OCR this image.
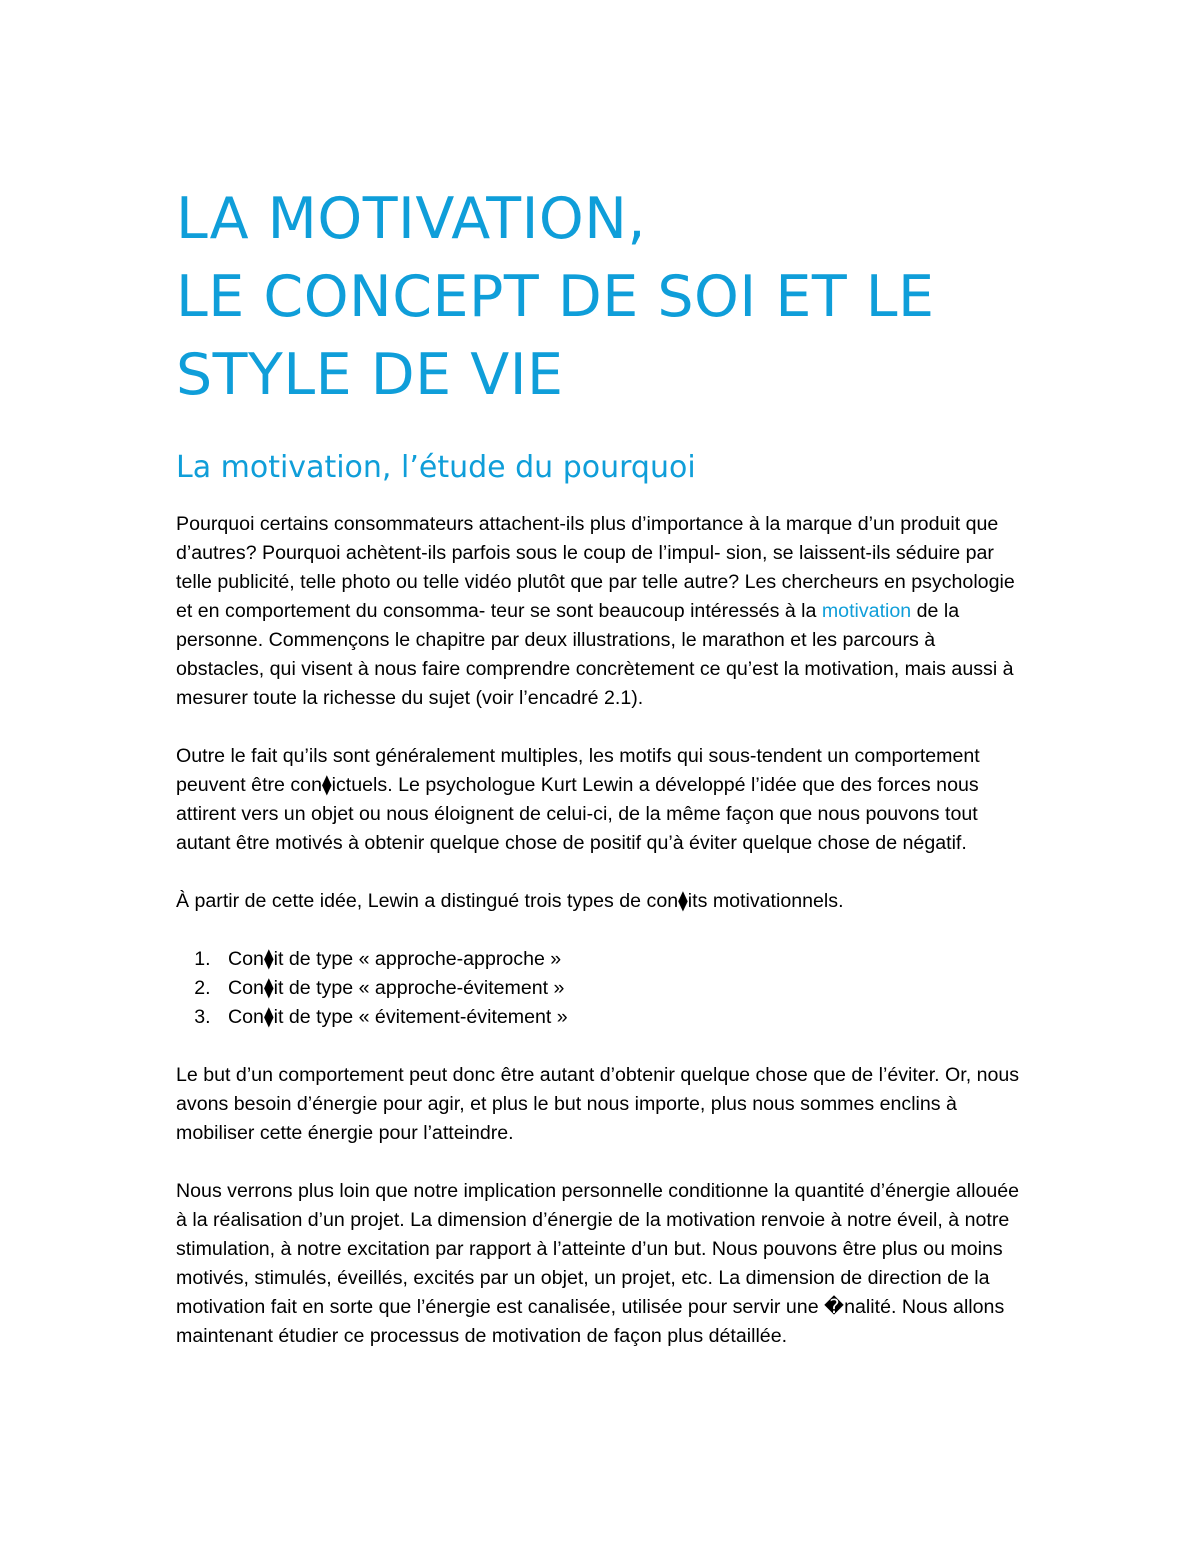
LA MOTIVATION,
LE CONCEPT DE SOI ET LE
STYLE DE VIE
La motivation, l’étude du pourquoi

Pourquoi certains consommateurs attachent-ils plus d’importance à la marque d’un produit que d’autres? Pourquoi achètent-ils parfois sous le coup de l’impul- sion, se laissent-ils séduire par telle publicité, telle photo ou telle vidéo plutôt que par telle autre? Les chercheurs en psychologie et en comportement du consomma- teur se sont beaucoup intéressés à la motivation de la personne. Commençons le chapitre par deux illustrations, le marathon et les parcours à obstacles, qui visent à nous faire comprendre concrètement ce qu’est la motivation, mais aussi à mesurer toute la richesse du sujet (voir l’encadré 2.1).

Outre le fait qu’ils sont généralement multiples, les motifs qui sous-tendent un comportement peuvent être con⧫ictuels. Le psychologue Kurt Lewin a développé l’idée que des forces nous attirent vers un objet ou nous éloignent de celui-ci, de la même façon que nous pouvons tout autant être motivés à obtenir quelque chose de positif qu’à éviter quelque chose de négatif.

À partir de cette idée, Lewin a distingué trois types de con⧫its motivationnels.

1. Con⧫it de type « approche-approche »
2. Con⧫it de type « approche-évitement »
3. Con⧫it de type « évitement-évitement »

Le but d’un comportement peut donc être autant d’obtenir quelque chose que de l’éviter. Or, nous avons besoin d’énergie pour agir, et plus le but nous importe, plus nous sommes enclins à mobiliser cette énergie pour l’atteindre.

Nous verrons plus loin que notre implication personnelle conditionne la quantité d’énergie allouée à la réalisation d’un projet. La dimension d’énergie de la motivation renvoie à notre éveil, à notre stimulation, à notre excitation par rapport à l’atteinte d’un but. Nous pouvons être plus ou moins motivés, stimulés, éveillés, excités par un objet, un projet, etc. La dimension de direction de la motivation fait en sorte que l’énergie est canalisée, utilisée pour servir une �nalité. Nous allons maintenant étudier ce processus de motivation de façon plus détaillée.
